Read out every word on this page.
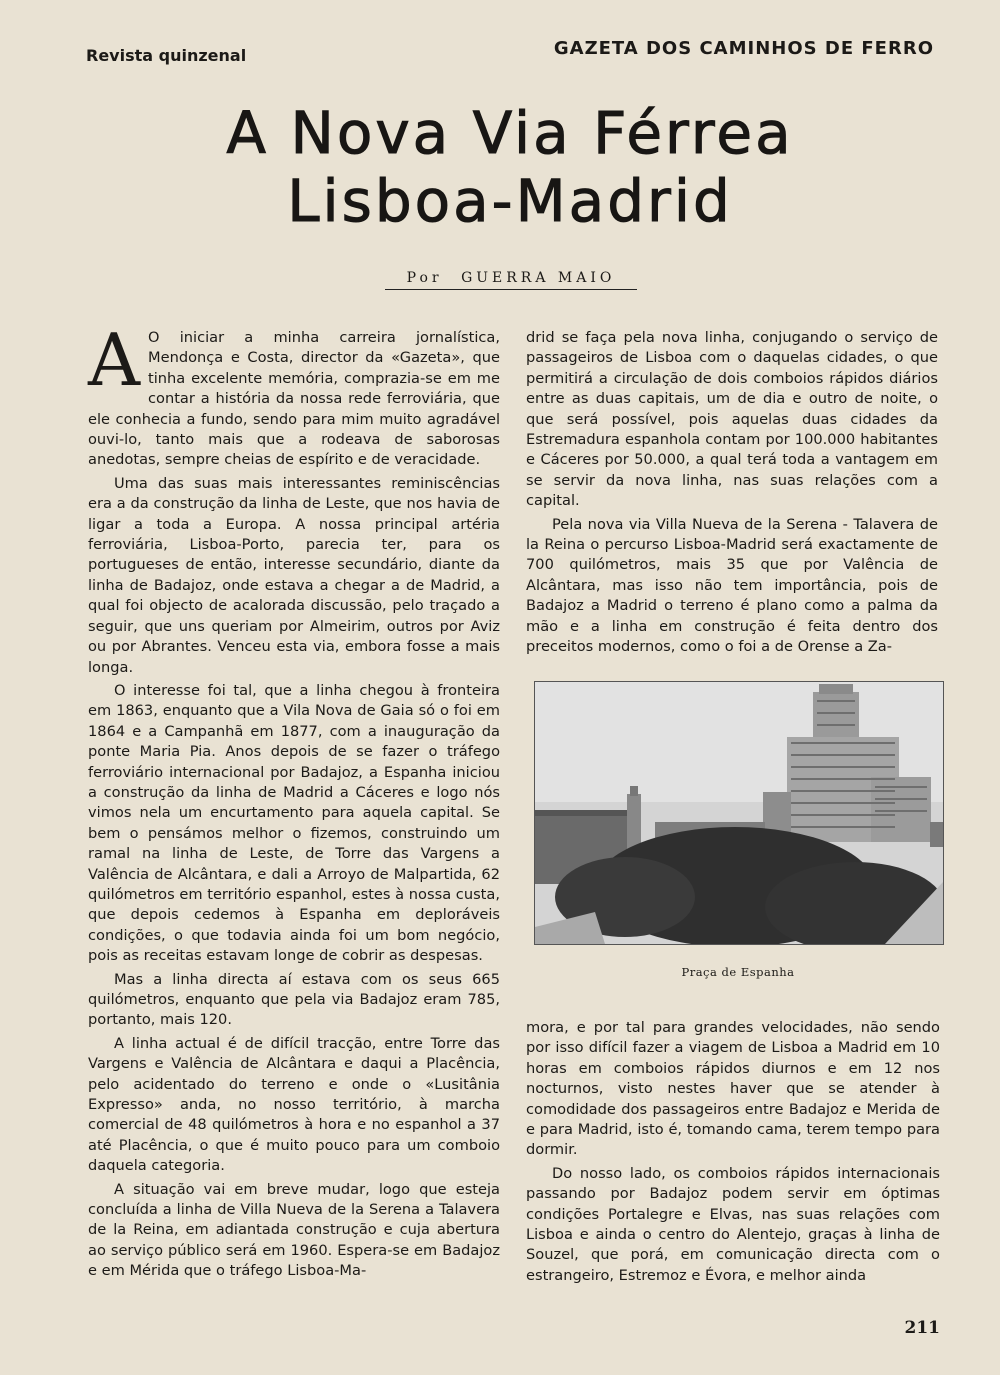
Revista quinzenal	GAZETA DOS CAMINHOS DE FERRO
A Nova Via Férrea
Lisboa-Madrid
Por GUERRA MAIO

A O iniciar a minha carreira jornalística, Mendonça e Costa, director da «Gazeta», que tinha excelente memória, comprazia-se em me contar a história da nossa rede ferroviária, que ele conhecia a fundo, sendo para mim muito agradável ouvi-lo, tanto mais que a rodeava de saborosas anedotas, sempre cheias de espírito e de veracidade.

Uma das suas mais interessantes reminiscências era a da construção da linha de Leste, que nos havia de ligar a toda a Europa. A nossa principal artéria ferroviária, Lisboa-Porto, parecia ter, para os portugueses de então, interesse secundário, diante da linha de Badajoz, onde estava a chegar a de Madrid, a qual foi objecto de acalorada discussão, pelo traçado a seguir, que uns queriam por Almeirim, outros por Aviz ou por Abrantes. Venceu esta via, embora fosse a mais longa.

O interesse foi tal, que a linha chegou à fronteira em 1863, enquanto que a Vila Nova de Gaia só o foi em 1864 e a Campanhã em 1877, com a inauguração da ponte Maria Pia. Anos depois de se fazer o tráfego ferroviário internacional por Badajoz, a Espanha iniciou a construção da linha de Madrid a Cáceres e logo nós vimos nela um encurtamento para aquela capital. Se bem o pensámos melhor o fizemos, construindo um ramal na linha de Leste, de Torre das Vargens a Valência de Alcântara, e dali a Arroyo de Malpartida, 62 quilómetros em território espanhol, estes à nossa custa, que depois cedemos à Espanha em deploráveis condições, o que todavia ainda foi um bom negócio, pois as receitas estavam longe de cobrir as despesas.

Mas a linha directa aí estava com os seus 665 quilómetros, enquanto que pela via Badajoz eram 785, portanto, mais 120.

A linha actual é de difícil tracção, entre Torre das Vargens e Valência de Alcântara e daqui a Placência, pelo acidentado do terreno e onde o «Lusitânia Expresso» anda, no nosso território, à marcha comercial de 48 quilómetros à hora e no espanhol a 37 até Placência, o que é muito pouco para um comboio daquela categoria.

A situação vai em breve mudar, logo que esteja concluída a linha de Villa Nueva de la Serena a Talavera de la Reina, em adiantada construção e cuja abertura ao serviço público será em 1960. Espera-se em Badajoz e em Mérida que o tráfego Lisboa-Ma-

drid se faça pela nova linha, conjugando o serviço de passageiros de Lisboa com o daquelas cidades, o que permitirá a circulação de dois comboios rápidos diários entre as duas capitais, um de dia e outro de noite, o que será possível, pois aquelas duas cidades da Estremadura espanhola contam por 100.000 habitantes e Cáceres por 50.000, a qual terá toda a vantagem em se servir da nova linha, nas suas relações com a capital.

Pela nova via Villa Nueva de la Serena - Talavera de la Reina o percurso Lisboa-Madrid será exactamente de 700 quilómetros, mais 35 que por Valência de Alcântara, mas isso não tem importância, pois de Badajoz a Madrid o terreno é plano como a palma da mão e a linha em construção é feita dentro dos preceitos modernos, como o foi a de Orense a Za-

Praça de Espanha

mora, e por tal para grandes velocidades, não sendo por isso difícil fazer a viagem de Lisboa a Madrid em 10 horas em comboios rápidos diurnos e em 12 nos nocturnos, visto nestes haver que se atender à comodidade dos passageiros entre Badajoz e Merida de e para Madrid, isto é, tomando cama, terem tempo para dormir.

Do nosso lado, os comboios rápidos internacionais passando por Badajoz podem servir em óptimas condições Portalegre e Elvas, nas suas relações com Lisboa e ainda o centro do Alentejo, graças à linha de Souzel, que porá, em comunicação directa com o estrangeiro, Estremoz e Évora, e melhor ainda

211
